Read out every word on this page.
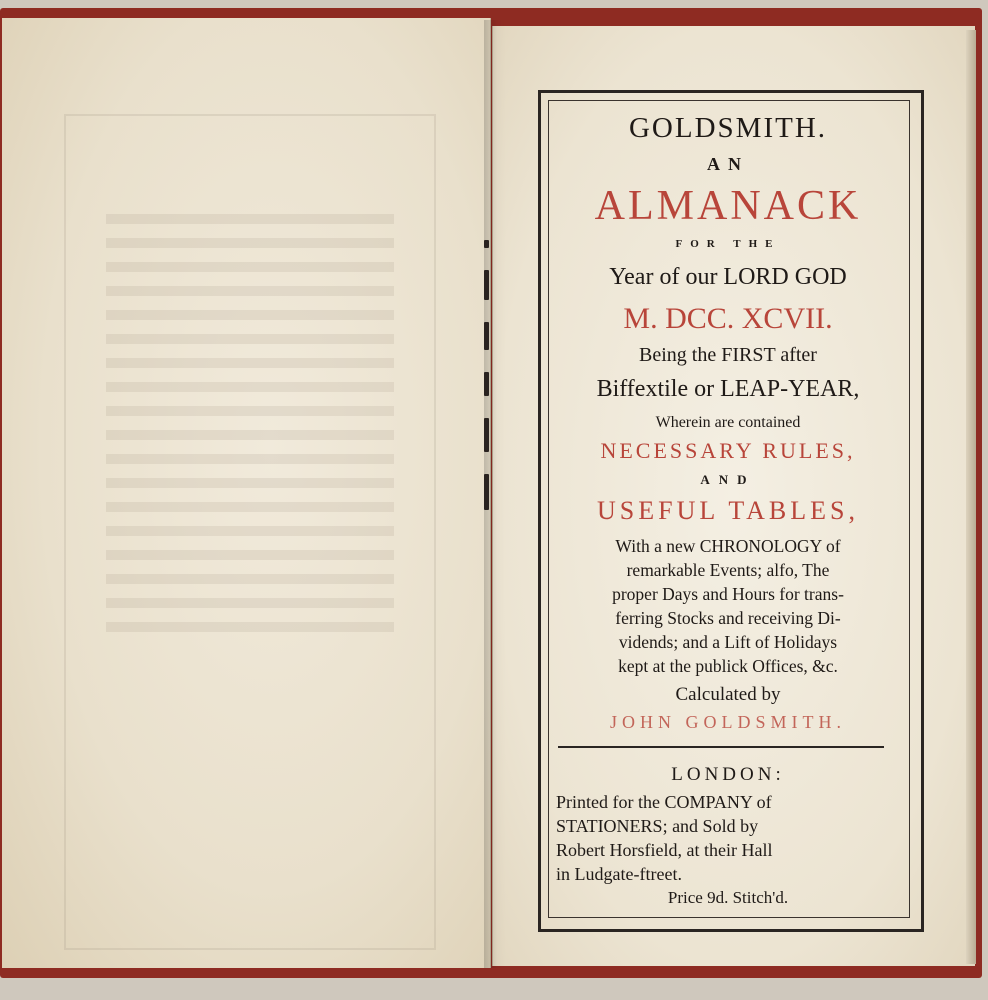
GOLDSMITH.
AN
ALMANACK
FOR THE
Year of our LORD GOD
M. DCC. XCVII.
Being the FIRST after
Biffextile or LEAP-YEAR,
Wherein are contained
NECESSARY RULES,
AND
USEFUL TABLES,
With a new CHRONOLOGY of
remarkable Events; alfo, The
proper Days and Hours for trans-
ferring Stocks and receiving Di-
vidends; and a Lift of Holidays
kept at the publick Offices, &c.
Calculated by
JOHN GOLDSMITH.
LONDON:
Printed for the COMPANY of
STATIONERS; and Sold by
Robert Horsfield, at their Hall
in Ludgate-ftreet.
Price 9d. Stitch'd.
